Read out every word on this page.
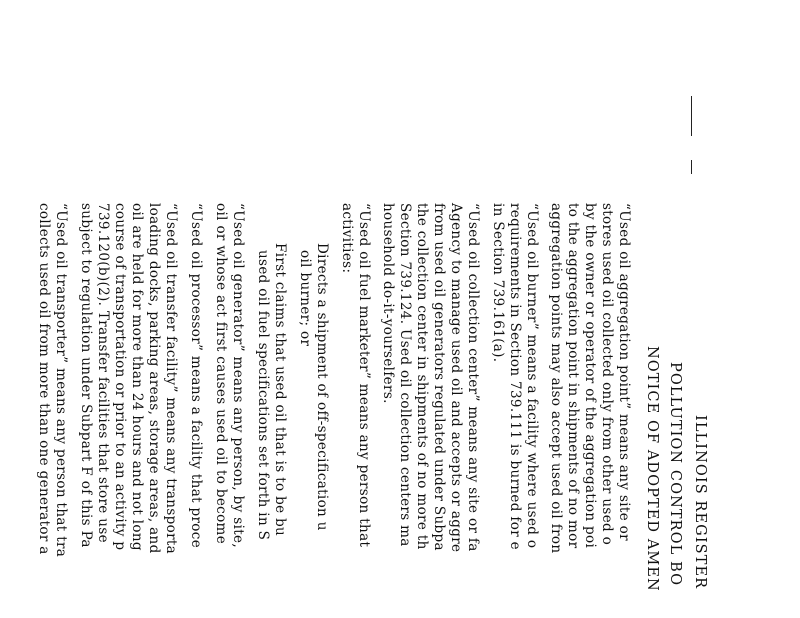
ILLINOIS REGISTER
POLLUTION CONTROL BO
NOTICE OF ADOPTED AMEN
“Used oil aggregation point” means any site or
stores used oil collected only from other used o
by the owner or operator of the aggregation poi
to the aggregation point in shipments of no mor
aggregation points may also accept used oil fron
“Used oil burner” means a facility where used o
requirements in Section 739.111 is burned for e
in Section 739.161(a).
“Used oil collection center” means any site or fa
Agency to manage used oil and accepts or aggre
from used oil generators regulated under Subpa
the collection center in shipments of no more th
Section 739.124. Used oil collection centers ma
household do-it-yourselfers.
“Used oil fuel marketer” means any person that
activities:
Directs a shipment of off-specification u
oil burner; or
First claims that used oil that is to be bu
used oil fuel specifications set forth in S
“Used oil generator” means any person, by site,
oil or whose act first causes used oil to become
“Used oil processor” means a facility that proce
“Used oil transfer facility” means any transporta
loading docks, parking areas, storage areas, and
oil are held for more than 24 hours and not long
course of transportation or prior to an activity p
739.120(b)(2). Transfer facilities that store use
subject to regulation under Subpart F of this Pa
“Used oil transporter” means any person that tra
collects used oil from more than one generator a
